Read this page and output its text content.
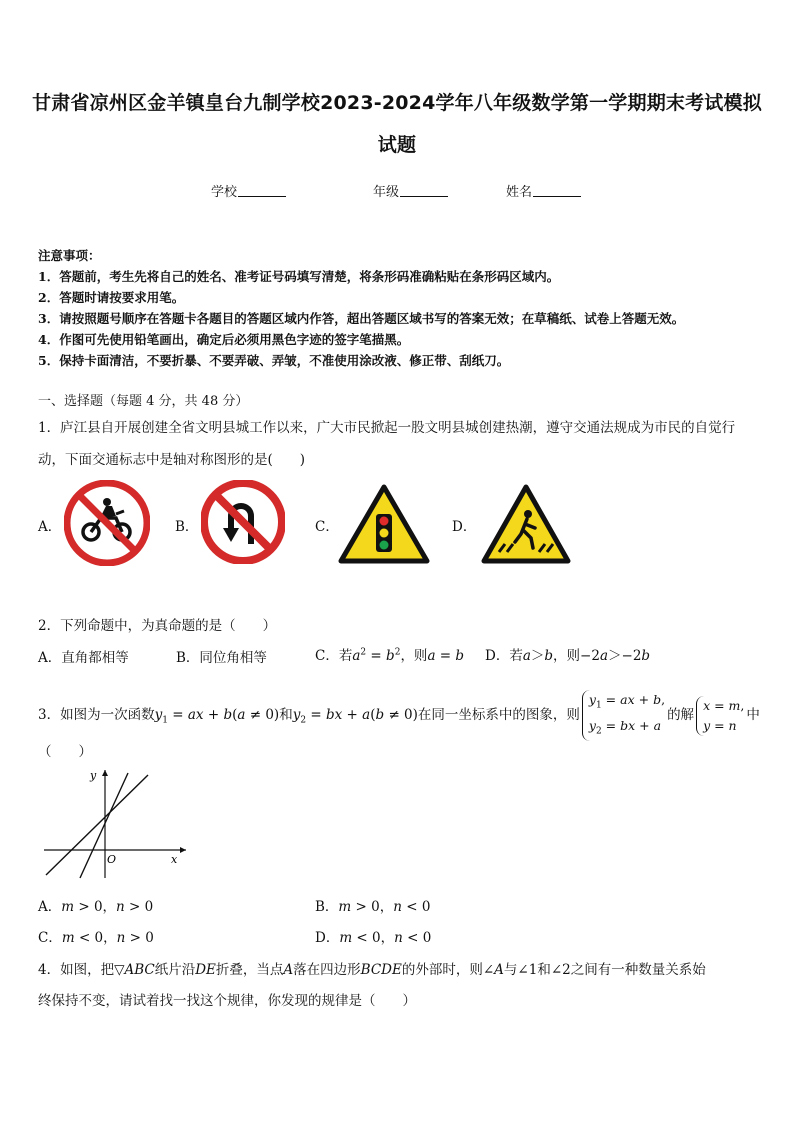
甘肃省凉州区金羊镇皇台九制学校2023-2024学年八年级数学第一学期期末考试模拟
试题
学校	年级	姓名
注意事项：
1．答题前，考生先将自己的姓名、准考证号码填写清楚，将条形码准确粘贴在条形码区域内。
2．答题时请按要求用笔。
3．请按照题号顺序在答题卡各题目的答题区域内作答，超出答题区域书写的答案无效；在草稿纸、试卷上答题无效。
4．作图可先使用铅笔画出，确定后必须用黑色字迹的签字笔描黑。
5．保持卡面清洁，不要折暴、不要弄破、弄皱，不准使用涂改液、修正带、刮纸刀。
一、选择题（每题 4 分，共 48 分）
1．庐江县自开展创建全省文明县城工作以来，广大市民掀起一股文明县城创建热潮，遵守交通法规成为市民的自觉行
动，下面交通标志中是轴对称图形的是(　　)
A．	B．	C．	D．
2．下列命题中，为真命题的是（　　）
A．直角都相等	B．同位角相等	C．若$a^2 = b^2$，则a = b D．若a＞b，则−2a＞−2b
3．如图为一次函数$y_1$ = ax + b(a ≠ 0)和$y_2$ = bx + a(b ≠ 0)在同一坐标系中的图象，则$y_1$ = ax + b,
$y_2$ = bx + a的解x = m,
y = n中
（　　）
x
y
O
A．m > 0，n > 0	B．m > 0，n < 0
C．m < 0，n > 0	D．m < 0，n < 0
4．如图，把▽ABC纸片沿DE折叠，当点A落在四边形BCDE的外部时，则∠A与∠1和∠2之间有一种数量关系始
终保持不变，请试着找一找这个规律，你发现的规律是（　　）
